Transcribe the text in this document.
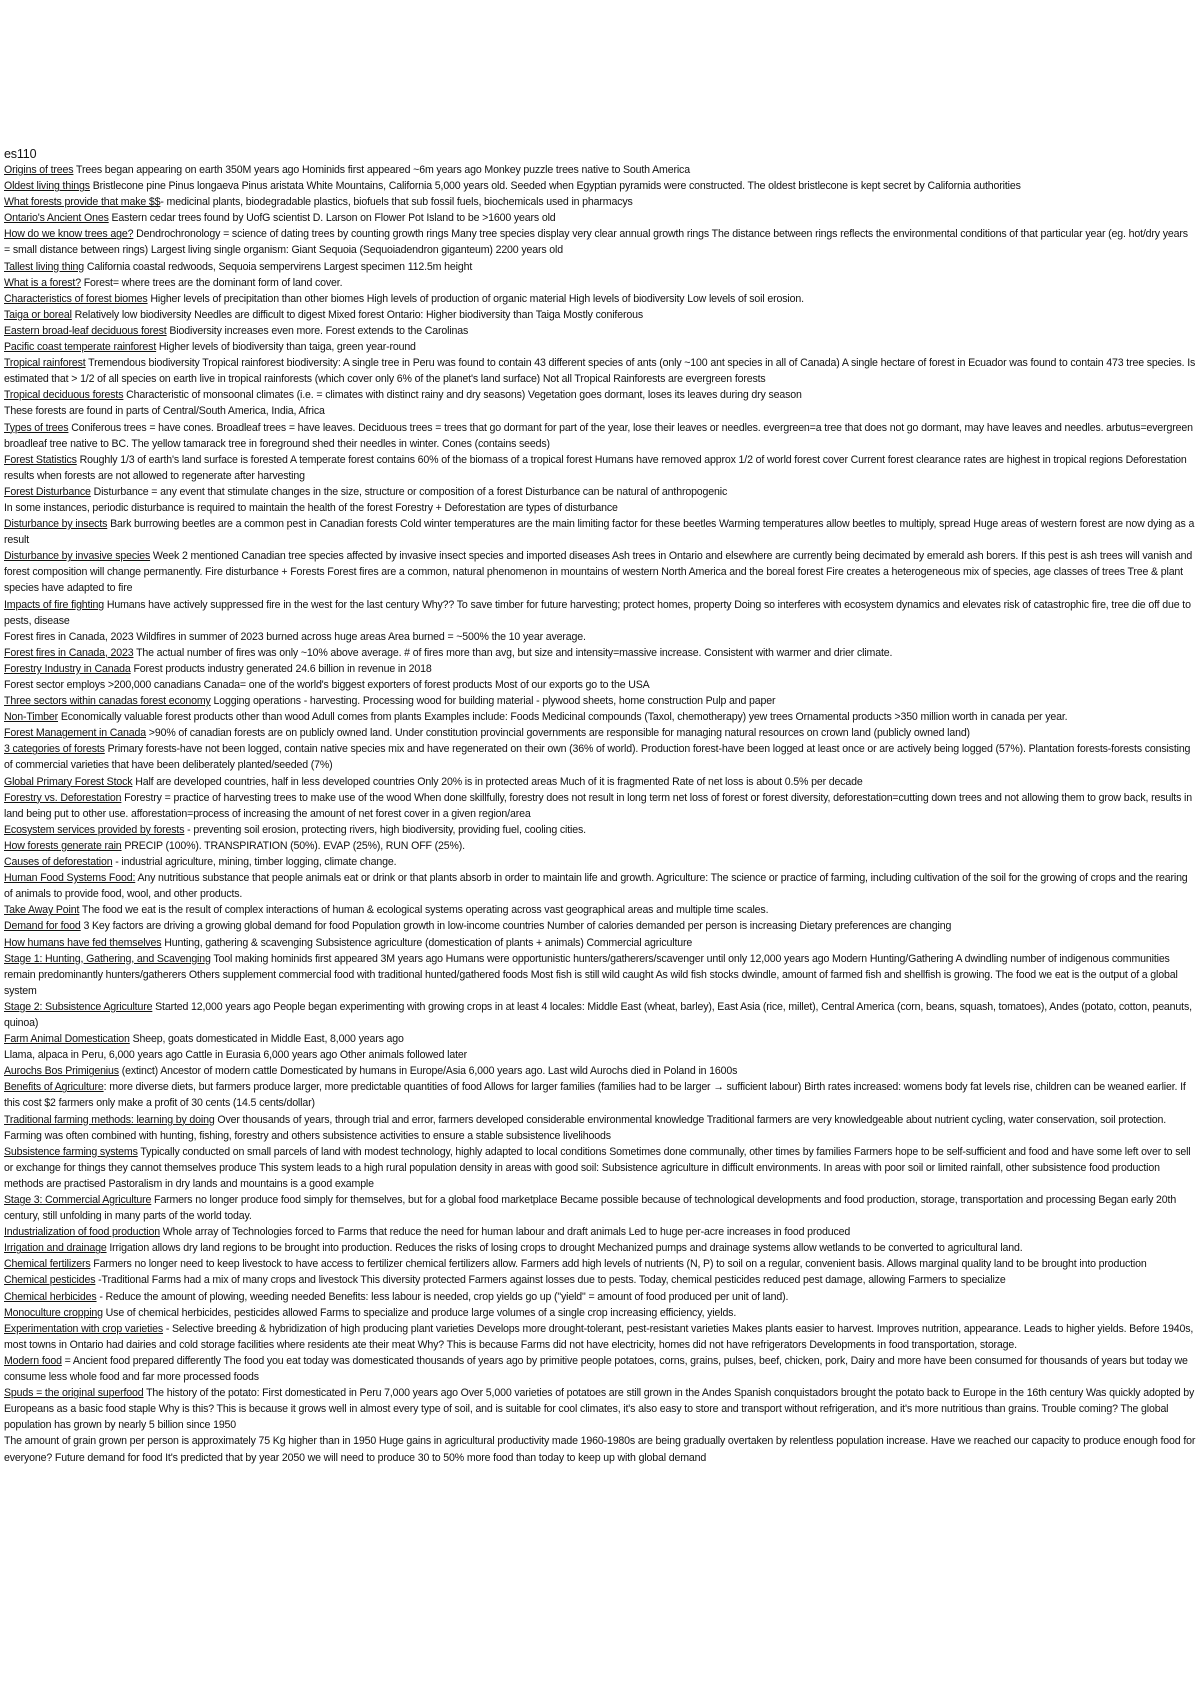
es110
Origins of trees Trees began appearing on earth 350M years ago Hominids first appeared ~6m years ago Monkey puzzle trees native to South America
Oldest living things Bristlecone pine Pinus longaeva Pinus aristata White Mountains, California 5,000 years old. Seeded when Egyptian pyramids were constructed. The oldest bristlecone is kept secret by California authorities
What forests provide that make $$- medicinal plants, biodegradable plastics, biofuels that sub fossil fuels, biochemicals used in pharmacys
Ontario's Ancient Ones Eastern cedar trees found by UofG scientist D. Larson on Flower Pot Island to be >1600 years old
How do we know trees age? Dendrochronology = science of dating trees by counting growth rings Many tree species display very clear annual growth rings The distance between rings reflects the environmental conditions of that particular year (eg. hot/dry years = small distance between rings) Largest living single organism: Giant Sequoia (Sequoiadendron giganteum) 2200 years old
Tallest living thing California coastal redwoods, Sequoia sempervirens Largest specimen 112.5m height
What is a forest? Forest= where trees are the dominant form of land cover.
Characteristics of forest biomes Higher levels of precipitation than other biomes High levels of production of organic material High levels of biodiversity Low levels of soil erosion.
Taiga or boreal Relatively low biodiversity Needles are difficult to digest Mixed forest Ontario: Higher biodiversity than Taiga Mostly coniferous
Eastern broad-leaf deciduous forest Biodiversity increases even more. Forest extends to the Carolinas
Pacific coast temperate rainforest Higher levels of biodiversity than taiga, green year-round
Tropical rainforest Tremendous biodiversity Tropical rainforest biodiversity: A single tree in Peru was found to contain 43 different species of ants (only ~100 ant species in all of Canada) A single hectare of forest in Ecuador was found to contain 473 tree species. Is estimated that > 1/2 of all species on earth live in tropical rainforests (which cover only 6% of the planet's land surface) Not all Tropical Rainforests are evergreen forests
Tropical deciduous forests Characteristic of monsoonal climates (i.e. = climates with distinct rainy and dry seasons) Vegetation goes dormant, loses its leaves during dry season
These forests are found in parts of Central/South America, India, Africa
Types of trees Coniferous trees = have cones. Broadleaf trees = have leaves. Deciduous trees = trees that go dormant for part of the year, lose their leaves or needles. evergreen=a tree that does not go dormant, may have leaves and needles. arbutus=evergreen broadleaf tree native to BC. The yellow tamarack tree in foreground shed their needles in winter. Cones (contains seeds)
Forest Statistics Roughly 1/3 of earth's land surface is forested A temperate forest contains 60% of the biomass of a tropical forest Humans have removed approx 1/2 of world forest cover Current forest clearance rates are highest in tropical regions Deforestation results when forests are not allowed to regenerate after harvesting
Forest Disturbance Disturbance = any event that stimulate changes in the size, structure or composition of a forest Disturbance can be natural of anthropogenic
In some instances, periodic disturbance is required to maintain the health of the forest Forestry + Deforestation are types of disturbance
Disturbance by insects Bark burrowing beetles are a common pest in Canadian forests Cold winter temperatures are the main limiting factor for these beetles Warming temperatures allow beetles to multiply, spread Huge areas of western forest are now dying as a result
Disturbance by invasive species Week 2 mentioned Canadian tree species affected by invasive insect species and imported diseases Ash trees in Ontario and elsewhere are currently being decimated by emerald ash borers. If this pest is ash trees will vanish and forest composition will change permanently. Fire disturbance + Forests Forest fires are a common, natural phenomenon in mountains of western North America and the boreal forest Fire creates a heterogeneous mix of species, age classes of trees Tree & plant species have adapted to fire
Impacts of fire fighting Humans have actively suppressed fire in the west for the last century Why?? To save timber for future harvesting; protect homes, property Doing so interferes with ecosystem dynamics and elevates risk of catastrophic fire, tree die off due to pests, disease
Forest fires in Canada, 2023 Wildfires in summer of 2023 burned across huge areas Area burned = ~500% the 10 year average.
Forest fires in Canada, 2023 The actual number of fires was only ~10% above average. # of fires more than avg, but size and intensity=massive increase. Consistent with warmer and drier climate.
Forestry Industry in Canada Forest products industry generated 24.6 billion in revenue in 2018
Forest sector employs >200,000 canadians Canada= one of the world's biggest exporters of forest products Most of our exports go to the USA
Three sectors within canadas forest economy Logging operations - harvesting. Processing wood for building material - plywood sheets, home construction Pulp and paper
Non-Timber Economically valuable forest products other than wood Adull comes from plants Examples include: Foods Medicinal compounds (Taxol, chemotherapy) yew trees Ornamental products >350 million worth in canada per year.
Forest Management in Canada >90% of canadian forests are on publicly owned land. Under constitution provincial governments are responsible for managing natural resources on crown land (publicly owned land)
3 categories of forests Primary forests-have not been logged, contain native species mix and have regenerated on their own (36% of world). Production forest-have been logged at least once or are actively being logged (57%). Plantation forests-forests consisting of commercial varieties that have been deliberately planted/seeded (7%)
Global Primary Forest Stock Half are developed countries, half in less developed countries Only 20% is in protected areas Much of it is fragmented Rate of net loss is about 0.5% per decade
Forestry vs. Deforestation Forestry = practice of harvesting trees to make use of the wood When done skillfully, forestry does not result in long term net loss of forest or forest diversity, deforestation=cutting down trees and not allowing them to grow back, results in land being put to other use. afforestation=process of increasing the amount of net forest cover in a given region/area
Ecosystem services provided by forests - preventing soil erosion, protecting rivers, high biodiversity, providing fuel, cooling cities.
How forests generate rain PRECIP (100%). TRANSPIRATION (50%). EVAP (25%), RUN OFF (25%).
Causes of deforestation - industrial agriculture, mining, timber logging, climate change.
Human Food Systems Food: Any nutritious substance that people animals eat or drink or that plants absorb in order to maintain life and growth. Agriculture: The science or practice of farming, including cultivation of the soil for the growing of crops and the rearing of animals to provide food, wool, and other products.
Take Away Point The food we eat is the result of complex interactions of human & ecological systems operating across vast geographical areas and multiple time scales.
Demand for food 3 Key factors are driving a growing global demand for food Population growth in low-income countries Number of calories demanded per person is increasing Dietary preferences are changing
How humans have fed themselves Hunting, gathering & scavenging Subsistence agriculture (domestication of plants + animals) Commercial agriculture
Stage 1: Hunting, Gathering, and Scavenging Tool making hominids first appeared 3M years ago Humans were opportunistic hunters/gatherers/scavenger until only 12,000 years ago Modern Hunting/Gathering A dwindling number of indigenous communities remain predominantly hunters/gatherers Others supplement commercial food with traditional hunted/gathered foods Most fish is still wild caught As wild fish stocks dwindle, amount of farmed fish and shellfish is growing. The food we eat is the output of a global system
Stage 2: Subsistence Agriculture Started 12,000 years ago People began experimenting with growing crops in at least 4 locales: Middle East (wheat, barley), East Asia (rice, millet), Central America (corn, beans, squash, tomatoes), Andes (potato, cotton, peanuts, quinoa)
Farm Animal Domestication Sheep, goats domesticated in Middle East, 8,000 years ago
Llama, alpaca in Peru, 6,000 years ago Cattle in Eurasia 6,000 years ago Other animals followed later
Aurochs Bos Primigenius (extinct) Ancestor of modern cattle Domesticated by humans in Europe/Asia 6,000 years ago. Last wild Aurochs died in Poland in 1600s
Benefits of Agriculture: more diverse diets, but farmers produce larger, more predictable quantities of food Allows for larger families (families had to be larger → sufficient labour) Birth rates increased: womens body fat levels rise, children can be weaned earlier. If this cost $2 farmers only make a profit of 30 cents (14.5 cents/dollar)
Traditional farming methods: learning by doing Over thousands of years, through trial and error, farmers developed considerable environmental knowledge Traditional farmers are very knowledgeable about nutrient cycling, water conservation, soil protection. Farming was often combined with hunting, fishing, forestry and others subsistence activities to ensure a stable subsistence livelihoods
Subsistence farming systems Typically conducted on small parcels of land with modest technology, highly adapted to local conditions Sometimes done communally, other times by families Farmers hope to be self-sufficient and food and have some left over to sell or exchange for things they cannot themselves produce This system leads to a high rural population density in areas with good soil: Subsistence agriculture in difficult environments. In areas with poor soil or limited rainfall, other subsistence food production methods are practised Pastoralism in dry lands and mountains is a good example
Stage 3: Commercial Agriculture Farmers no longer produce food simply for themselves, but for a global food marketplace Became possible because of technological developments and food production, storage, transportation and processing Began early 20th century, still unfolding in many parts of the world today.
Industrialization of food production Whole array of Technologies forced to Farms that reduce the need for human labour and draft animals Led to huge per-acre increases in food produced
Irrigation and drainage Irrigation allows dry land regions to be brought into production. Reduces the risks of losing crops to drought Mechanized pumps and drainage systems allow wetlands to be converted to agricultural land.
Chemical fertilizers Farmers no longer need to keep livestock to have access to fertilizer chemical fertilizers allow. Farmers add high levels of nutrients (N, P) to soil on a regular, convenient basis. Allows marginal quality land to be brought into production
Chemical pesticides -Traditional Farms had a mix of many crops and livestock This diversity protected Farmers against losses due to pests. Today, chemical pesticides reduced pest damage, allowing Farmers to specialize
Chemical herbicides - Reduce the amount of plowing, weeding needed Benefits: less labour is needed, crop yields go up ("yield" = amount of food produced per unit of land).
Monoculture cropping Use of chemical herbicides, pesticides allowed Farms to specialize and produce large volumes of a single crop increasing efficiency, yields.
Experimentation with crop varieties - Selective breeding & hybridization of high producing plant varieties Develops more drought-tolerant, pest-resistant varieties Makes plants easier to harvest. Improves nutrition, appearance. Leads to higher yields. Before 1940s, most towns in Ontario had dairies and cold storage facilities where residents ate their meat Why? This is because Farms did not have electricity, homes did not have refrigerators Developments in food transportation, storage.
Modern food = Ancient food prepared differently The food you eat today was domesticated thousands of years ago by primitive people potatoes, corns, grains, pulses, beef, chicken, pork, Dairy and more have been consumed for thousands of years but today we consume less whole food and far more processed foods
Spuds = the original superfood The history of the potato: First domesticated in Peru 7,000 years ago Over 5,000 varieties of potatoes are still grown in the Andes Spanish conquistadors brought the potato back to Europe in the 16th century Was quickly adopted by Europeans as a basic food staple Why is this? This is because it grows well in almost every type of soil, and is suitable for cool climates, it's also easy to store and transport without refrigeration, and it's more nutritious than grains. Trouble coming? The global population has grown by nearly 5 billion since 1950
The amount of grain grown per person is approximately 75 Kg higher than in 1950 Huge gains in agricultural productivity made 1960-1980s are being gradually overtaken by relentless population increase. Have we reached our capacity to produce enough food for everyone? Future demand for food It's predicted that by year 2050 we will need to produce 30 to 50% more food than today to keep up with global demand
